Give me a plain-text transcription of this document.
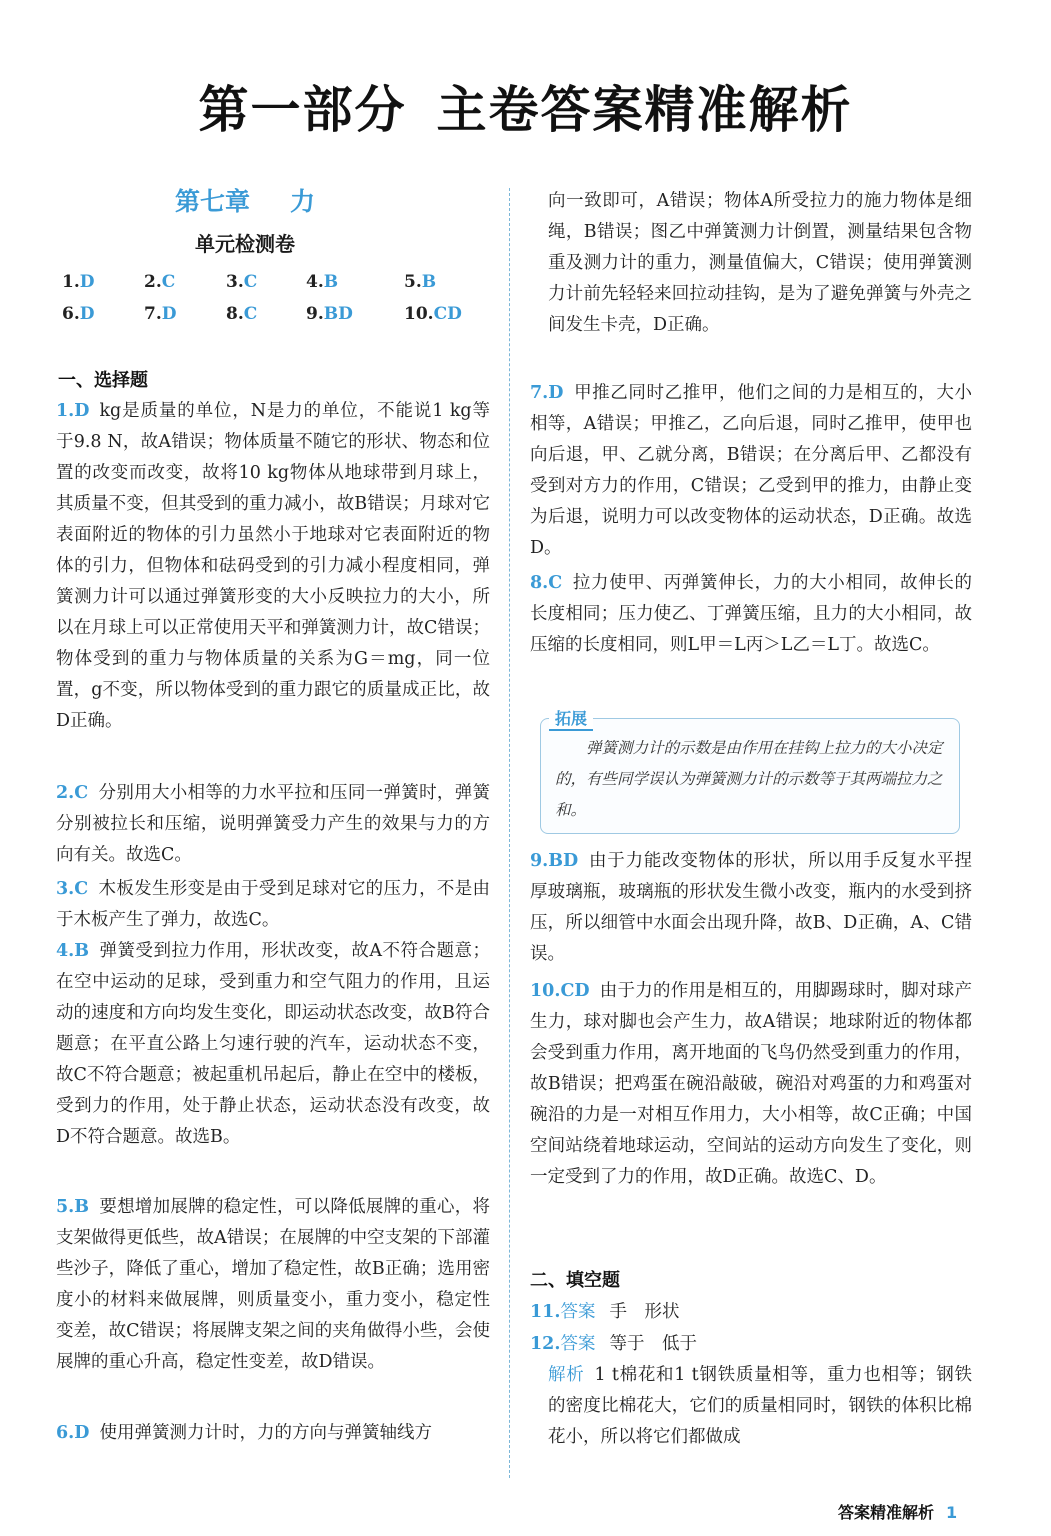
第一部分 主卷答案精准解析
第七章 力
单元检测卷
1.D	2.C	3.C	4.B	5.B
6.D	7.D	8.C	9.BD	10.CD
一、选择题

1.D kg是质量的单位，N是力的单位，不能说1 kg等于9.8 N，故A错误；物体质量不随它的形状、物态和位置的改变而改变，故将10 kg物体从地球带到月球上，其质量不变，但其受到的重力减小，故B错误；月球对它表面附近的物体的引力虽然小于地球对它表面附近的物体的引力，但物体和砝码受到的引力减小程度相同，弹簧测力计可以通过弹簧形变的大小反映拉力的大小，所以在月球上可以正常使用天平和弹簧测力计，故C错误；物体受到的重力与物体质量的关系为G＝mg，同一位置，g不变，所以物体受到的重力跟它的质量成正比，故D正确。

2.C 分别用大小相等的力水平拉和压同一弹簧时，弹簧分别被拉长和压缩，说明弹簧受力产生的效果与力的方向有关。故选C。

3.C 木板发生形变是由于受到足球对它的压力，不是由于木板产生了弹力，故选C。

4.B 弹簧受到拉力作用，形状改变，故A不符合题意；在空中运动的足球，受到重力和空气阻力的作用，且运动的速度和方向均发生变化，即运动状态改变，故B符合题意；在平直公路上匀速行驶的汽车，运动状态不变，故C不符合题意；被起重机吊起后，静止在空中的楼板，受到力的作用，处于静止状态，运动状态没有改变，故D不符合题意。故选B。

5.B 要想增加展牌的稳定性，可以降低展牌的重心，将支架做得更低些，故A错误；在展牌的中空支架的下部灌些沙子，降低了重心，增加了稳定性，故B正确；选用密度小的材料来做展牌，则质量变小，重力变小，稳定性变差，故C错误；将展牌支架之间的夹角做得小些，会使展牌的重心升高，稳定性变差，故D错误。

6.D 使用弹簧测力计时，力的方向与弹簧轴线方

向一致即可，A错误；物体A所受拉力的施力物体是细绳，B错误；图乙中弹簧测力计倒置，测量结果包含物重及测力计的重力，测量值偏大，C错误；使用弹簧测力计前先轻轻来回拉动挂钩，是为了避免弹簧与外壳之间发生卡壳，D正确。

7.D 甲推乙同时乙推甲，他们之间的力是相互的，大小相等，A错误；甲推乙，乙向后退，同时乙推甲，使甲也向后退，甲、乙就分离，B错误；在分离后甲、乙都没有受到对方力的作用，C错误；乙受到甲的推力，由静止变为后退，说明力可以改变物体的运动状态，D正确。故选D。

8.C 拉力使甲、丙弹簧伸长，力的大小相同，故伸长的长度相同；压力使乙、丁弹簧压缩，且力的大小相同，故压缩的长度相同，则L甲＝L丙＞L乙＝L丁。故选C。

拓展

弹簧测力计的示数是由作用在挂钩上拉力的大小决定的，有些同学误认为弹簧测力计的示数等于其两端拉力之和。

9.BD 由于力能改变物体的形状，所以用手反复水平捏厚玻璃瓶，玻璃瓶的形状发生微小改变，瓶内的水受到挤压，所以细管中水面会出现升降，故B、D正确，A、C错误。

10.CD 由于力的作用是相互的，用脚踢球时，脚对球产生力，球对脚也会产生力，故A错误；地球附近的物体都会受到重力作用，离开地面的飞鸟仍然受到重力的作用，故B错误；把鸡蛋在碗沿敲破，碗沿对鸡蛋的力和鸡蛋对碗沿的力是一对相互作用力，大小相等，故C正确；中国空间站绕着地球运动，空间站的运动方向发生了变化，则一定受到了力的作用，故D正确。故选C、D。

二、填空题
11.答案 手　形状
12.答案 等于　低于

解析 1 t棉花和1 t钢铁质量相等，重力也相等；钢铁的密度比棉花大，它们的质量相同时，钢铁的体积比棉花小，所以将它们都做成

答案精准解析 1
